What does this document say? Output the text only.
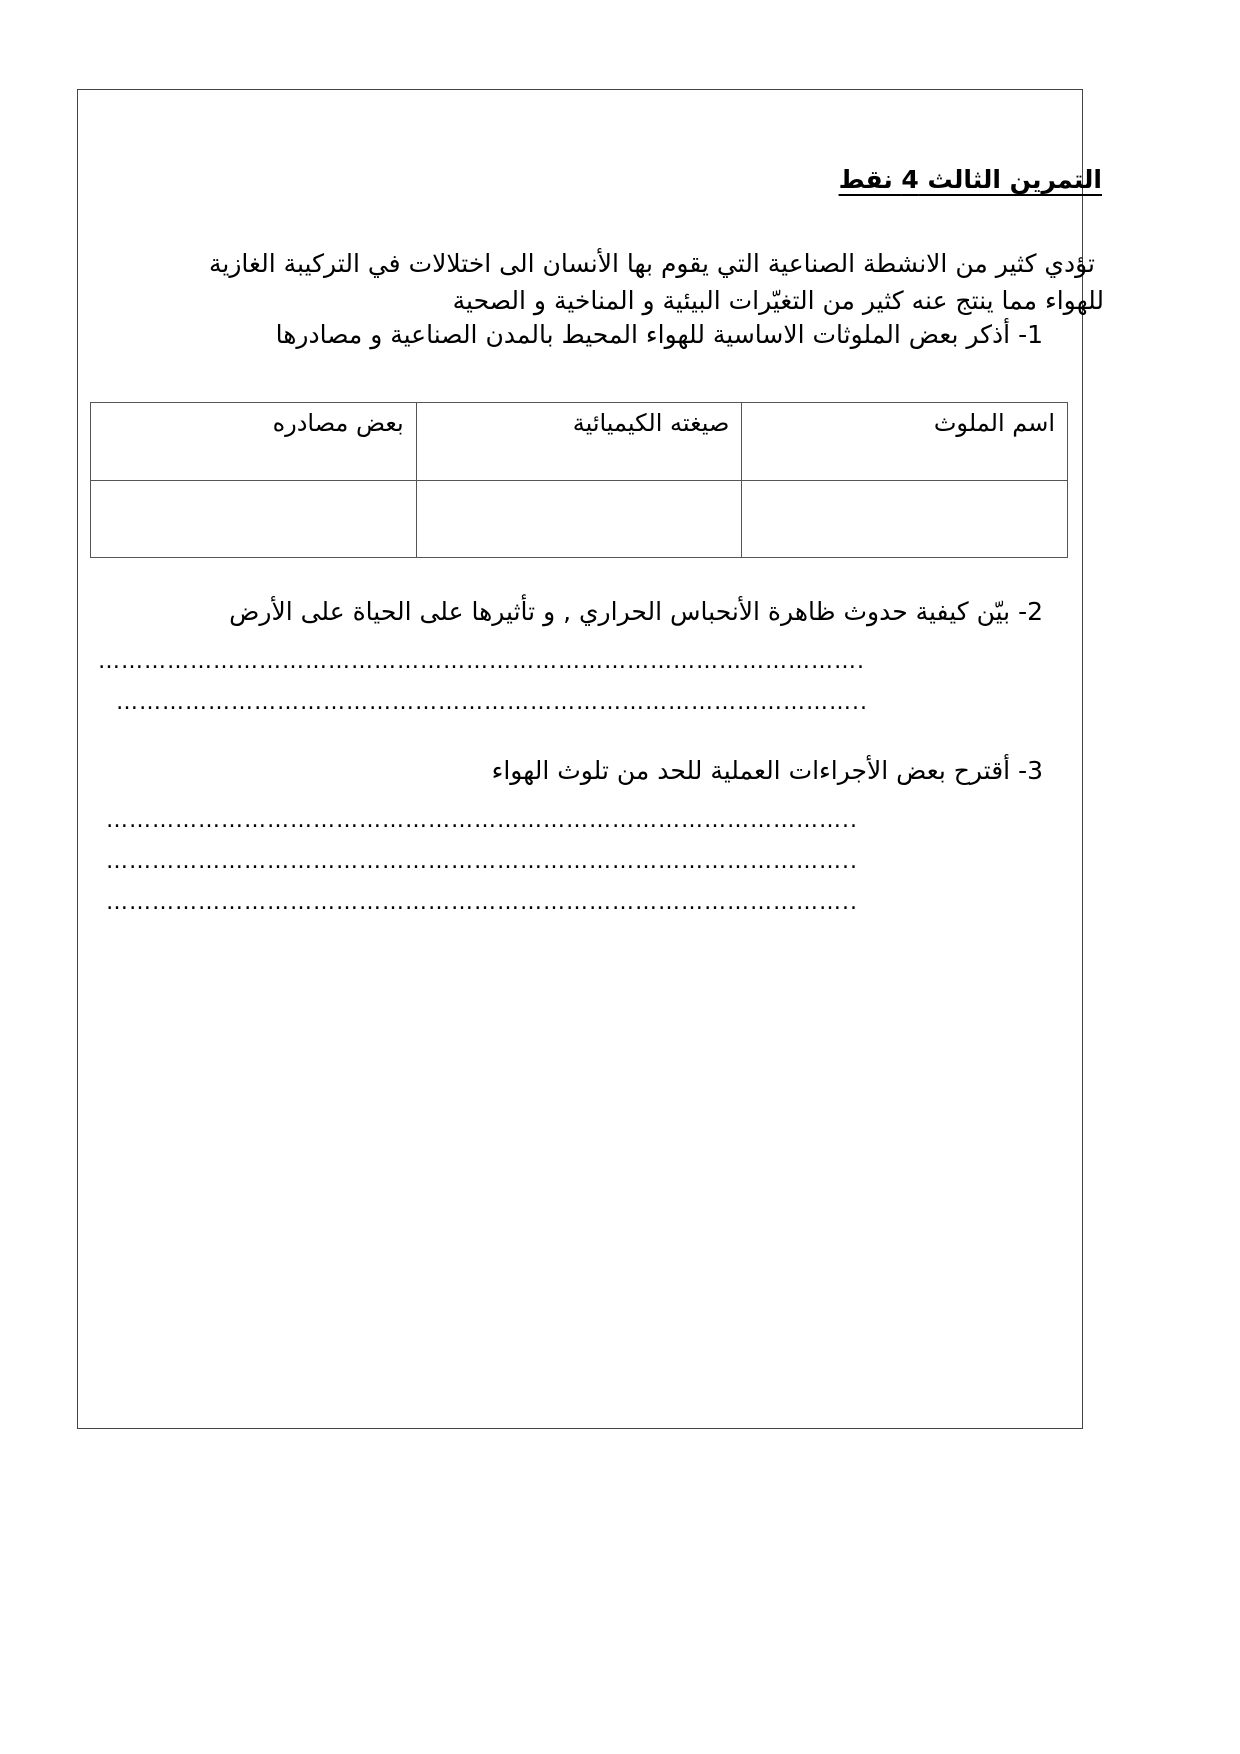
التمرين الثالث 4 نقط

تؤدي كثير من الانشطة الصناعية التي يقوم بها الأنسان الى اختلالات في التركيبة الغازية

للهواء مما ينتج عنه كثير من التغيّرات البيئية و المناخية و الصحية

1- أذكر بعض الملوثات الاساسية للهواء المحيط بالمدن الصناعية و مصادرها
اسم الملوث	صيغته الكيميائية	بعض مصادره

2- بيّن كيفية حدوث ظاهرة الأنحباس الحراري , و تأثيرها على الحياة على الأرض
……………………………………………………………………………………….
……………………………………………………………………………………..
3- أقترح بعض الأجراءات العملية للحد من تلوث الهواء
……………………………………………………………………………………..
……………………………………………………………………………………..
……………………………………………………………………………………..
